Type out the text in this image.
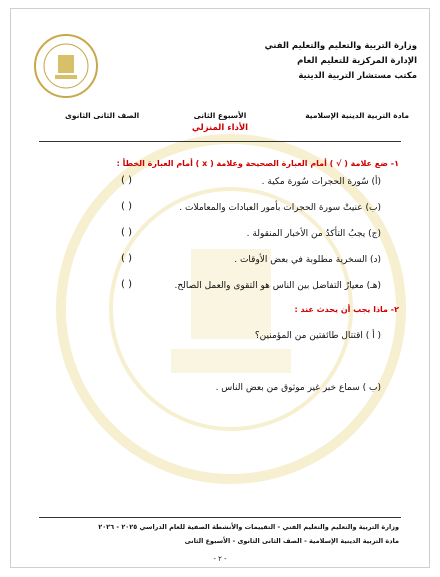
وزارة التربية والتعليم والتعليم الفني
الإدارة المركزية للتعليم العام
مكتب مستشار التربية الدينية
مادة التربية الدينية الإسلامية
الأسبوع الثانى
الصف الثانى الثانوى
الأداء المنزلي
١- ضع علامة ( √ ) أمام العبارة الصحيحة وعلامة ( x ) أمام العبارة الخطأ :
(أ) سُورة الحجرات سُورة مكية .
( )
(ب) عنيتْ سورة الحجرات بأمور العبادات والمعاملات .
( )
(ج) يجبُ التأكدُ من الأخبار المنقولة .
( )
(د) السخرية مطلوبة في بعض الأوقات .
( )
(هـ) معيارُ التفاضل بين الناس هو التقوى والعمل الصالح.
( )
٢- ماذا يجب أن يحدث عند :
( أ ) اقتتال طائفتين من المؤمنين؟
(ب ) سماع خبر غير موثوق من بعض الناس .
وزارة التربية والتعليم والتعليم الفني - التقييمات والأنشطة الصفية للعام الدراسي ٢٠٢٥ - ٢٠٢٦
مادة التربية الدينية الإسلامية - الصف الثانى الثانوى - الأسبوع الثانى
- ٢ -
